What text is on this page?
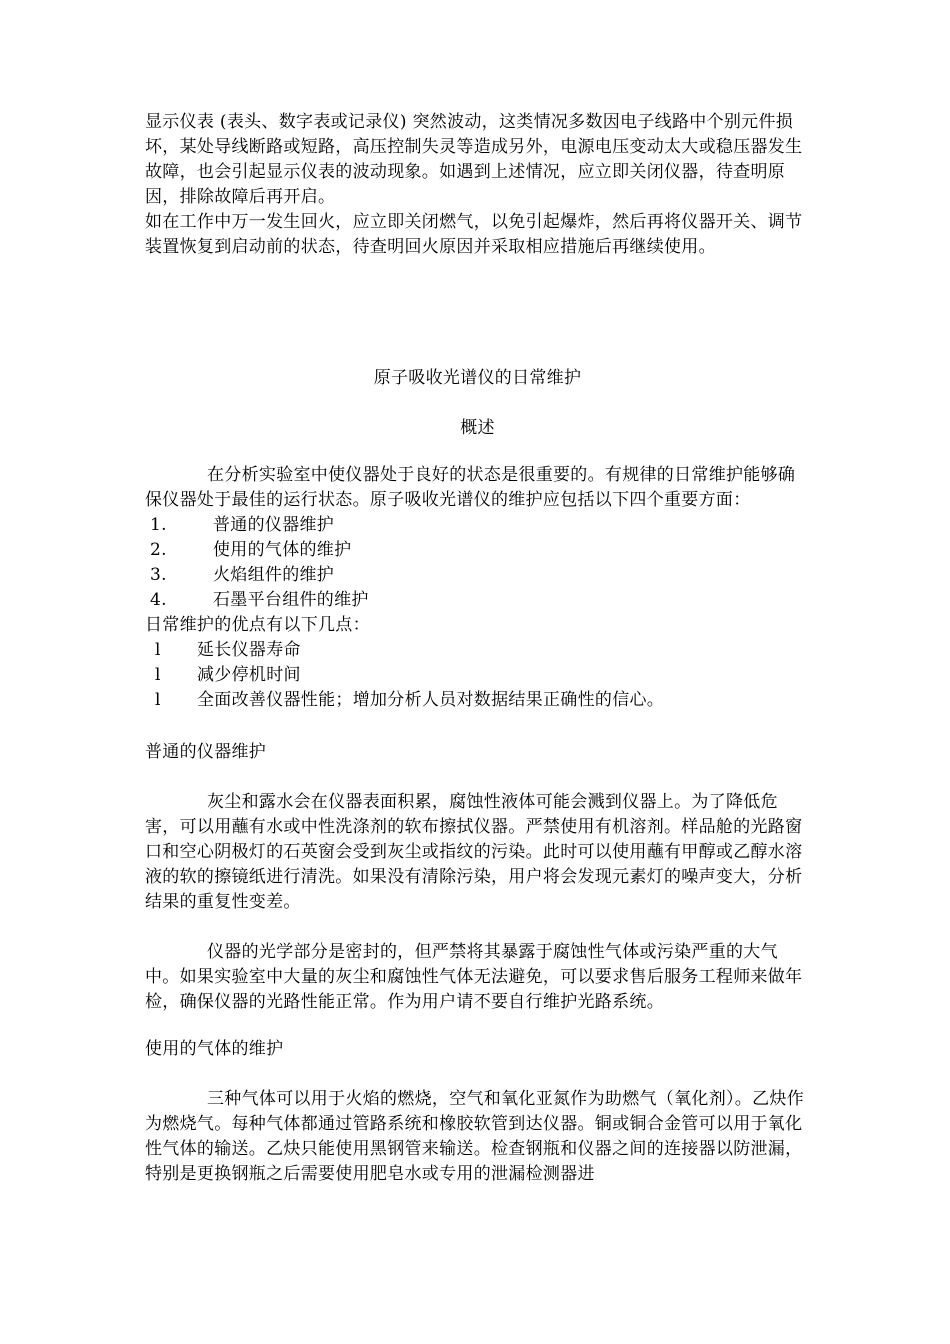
显示仪表 (表头、数字表或记录仪) 突然波动，这类情况多数因电子线路中个别元件损坏，某处导线断路或短路，高压控制失灵等造成另外，电源电压变动太大或稳压器发生故障，也会引起显示仪表的波动现象。如遇到上述情况，应立即关闭仪器，待查明原因，排除故障后再开启。

如在工作中万一发生回火，应立即关闭燃气，以免引起爆炸，然后再将仪器开关、调节装置恢复到启动前的状态，待查明回火原因并采取相应措施后再继续使用。

原子吸收光谱仪的日常维护

概述

在分析实验室中使仪器处于良好的状态是很重要的。有规律的日常维护能够确保仪器处于最佳的运行状态。原子吸收光谱仪的维护应包括以下四个重要方面：

1.	普通的仪器维护
2.	使用的气体的维护
3.	火焰组件的维护
4.	石墨平台组件的维护

日常维护的优点有以下几点：

l	延长仪器寿命
l	减少停机时间
l	全面改善仪器性能；增加分析人员对数据结果正确性的信心。

普通的仪器维护

灰尘和露水会在仪器表面积累，腐蚀性液体可能会溅到仪器上。为了降低危害，可以用蘸有水或中性洗涤剂的软布擦拭仪器。严禁使用有机溶剂。样品舱的光路窗口和空心阴极灯的石英窗会受到灰尘或指纹的污染。此时可以使用蘸有甲醇或乙醇水溶液的软的擦镜纸进行清洗。如果没有清除污染，用户将会发现元素灯的噪声变大，分析结果的重复性变差。

仪器的光学部分是密封的，但严禁将其暴露于腐蚀性气体或污染严重的大气中。如果实验室中大量的灰尘和腐蚀性气体无法避免，可以要求售后服务工程师来做年检，确保仪器的光路性能正常。作为用户请不要自行维护光路系统。

使用的气体的维护

三种气体可以用于火焰的燃烧，空气和氧化亚氮作为助燃气（氧化剂）。乙炔作为燃烧气。每种气体都通过管路系统和橡胶软管到达仪器。铜或铜合金管可以用于氧化性气体的输送。乙炔只能使用黑钢管来输送。检查钢瓶和仪器之间的连接器以防泄漏，特别是更换钢瓶之后需要使用肥皂水或专用的泄漏检测器进
